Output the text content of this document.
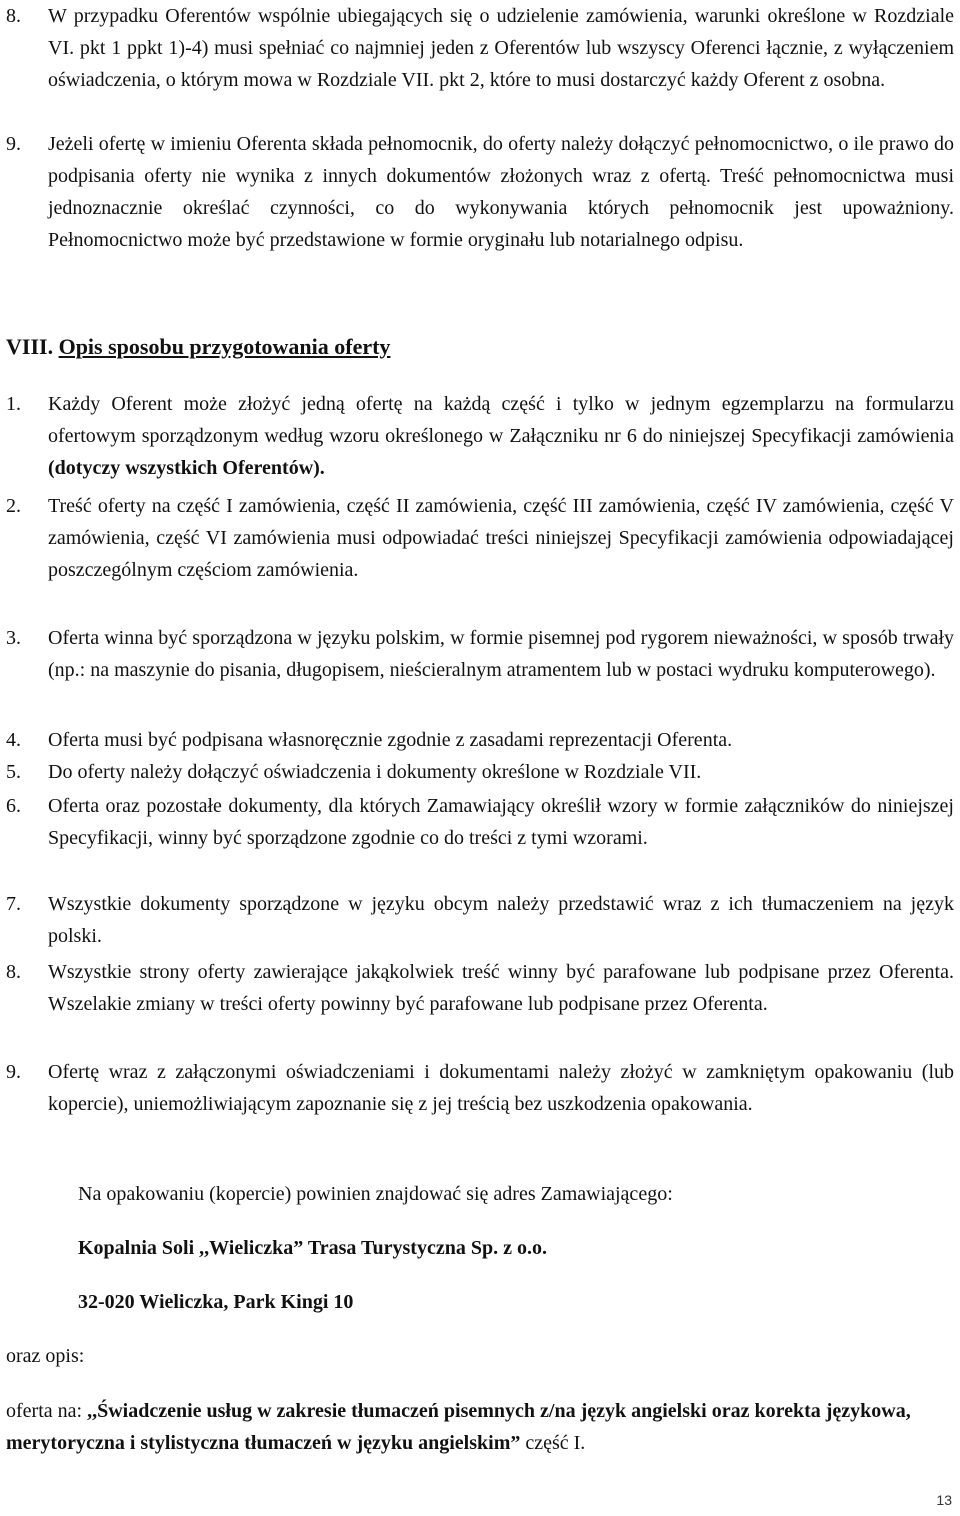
8. W przypadku Oferentów wspólnie ubiegających się o udzielenie zamówienia, warunki określone w Rozdziale VI. pkt 1 ppkt 1)-4) musi spełniać co najmniej jeden z Oferentów lub wszyscy Oferenci łącznie, z wyłączeniem oświadczenia, o którym mowa w Rozdziale VII. pkt 2, które to musi dostarczyć każdy Oferent z osobna.
9. Jeżeli ofertę w imieniu Oferenta składa pełnomocnik, do oferty należy dołączyć pełnomocnictwo, o ile prawo do podpisania oferty nie wynika z innych dokumentów złożonych wraz z ofertą. Treść pełnomocnictwa musi jednoznacznie określać czynności, co do wykonywania których pełnomocnik jest upoważniony. Pełnomocnictwo może być przedstawione w formie oryginału lub notarialnego odpisu.
VIII. Opis sposobu przygotowania oferty
1. Każdy Oferent może złożyć jedną ofertę na każdą część i tylko w jednym egzemplarzu na formularzu ofertowym sporządzonym według wzoru określonego w Załączniku nr 6 do niniejszej Specyfikacji zamówienia (dotyczy wszystkich Oferentów).
2. Treść oferty na część I zamówienia, część II zamówienia, część III zamówienia, część IV zamówienia, część V zamówienia, część VI zamówienia musi odpowiadać treści niniejszej Specyfikacji zamówienia odpowiadającej poszczególnym częściom zamówienia.
3. Oferta winna być sporządzona w języku polskim, w formie pisemnej pod rygorem nieważności, w sposób trwały (np.: na maszynie do pisania, długopisem, nieścieralnym atramentem lub w postaci wydruku komputerowego).
4. Oferta musi być podpisana własnoręcznie zgodnie z zasadami reprezentacji Oferenta.
5. Do oferty należy dołączyć oświadczenia i dokumenty określone w Rozdziale VII.
6. Oferta oraz pozostałe dokumenty, dla których Zamawiający określił wzory w formie załączników do niniejszej Specyfikacji, winny być sporządzone zgodnie co do treści z tymi wzorami.
7. Wszystkie dokumenty sporządzone w języku obcym należy przedstawić wraz z ich tłumaczeniem na język polski.
8. Wszystkie strony oferty zawierające jakąkolwiek treść winny być parafowane lub podpisane przez Oferenta. Wszelakie zmiany w treści oferty powinny być parafowane lub podpisane przez Oferenta.
9. Ofertę wraz z załączonymi oświadczeniami i dokumentami należy złożyć w zamkniętym opakowaniu (lub kopercie), uniemożliwiającym zapoznanie się z jej treścią bez uszkodzenia opakowania.
Na opakowaniu (kopercie) powinien znajdować się adres Zamawiającego:
Kopalnia Soli ,,Wieliczka” Trasa Turystyczna Sp. z o.o.
32-020 Wieliczka, Park Kingi 10
oraz opis:
oferta na: ,,Świadczenie usług w zakresie tłumaczeń pisemnych z/na język angielski oraz korekta językowa, merytoryczna i stylistyczna tłumaczeń w języku angielskim” część I.
13
